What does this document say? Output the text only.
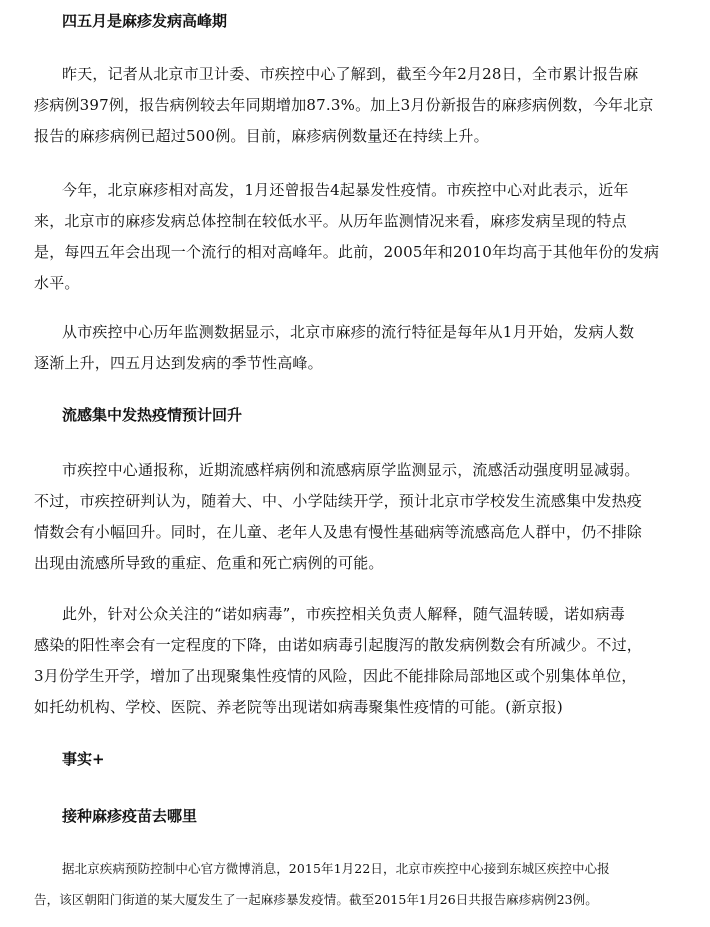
四五月是麻疹发病高峰期

昨天，记者从北京市卫计委、市疾控中心了解到，截至今年2月28日，全市累计报告麻
疹病例397例，报告病例较去年同期增加87.3%。加上3月份新报告的麻疹病例数，今年北京
报告的麻疹病例已超过500例。目前，麻疹病例数量还在持续上升。

今年，北京麻疹相对高发，1月还曾报告4起暴发性疫情。市疾控中心对此表示，近年
来，北京市的麻疹发病总体控制在较低水平。从历年监测情况来看，麻疹发病呈现的特点
是，每四五年会出现一个流行的相对高峰年。此前，2005年和2010年均高于其他年份的发病
水平。

从市疾控中心历年监测数据显示，北京市麻疹的流行特征是每年从1月开始，发病人数
逐渐上升，四五月达到发病的季节性高峰。

流感集中发热疫情预计回升

市疾控中心通报称，近期流感样病例和流感病原学监测显示，流感活动强度明显减弱。
不过，市疾控研判认为，随着大、中、小学陆续开学，预计北京市学校发生流感集中发热疫
情数会有小幅回升。同时，在儿童、老年人及患有慢性基础病等流感高危人群中，仍不排除
出现由流感所导致的重症、危重和死亡病例的可能。

此外，针对公众关注的“诺如病毒”，市疾控相关负责人解释，随气温转暖，诺如病毒
感染的阳性率会有一定程度的下降，由诺如病毒引起腹泻的散发病例数会有所减少。不过，
3月份学生开学，增加了出现聚集性疫情的风险，因此不能排除局部地区或个别集体单位，
如托幼机构、学校、医院、养老院等出现诺如病毒聚集性疫情的可能。(新京报)

事实+
接种麻疹疫苗去哪里

据北京疾病预防控制中心官方微博消息，2015年1月22日，北京市疾控中心接到东城区疾控中心报
告，该区朝阳门街道的某大厦发生了一起麻疹暴发疫情。截至2015年1月26日共报告麻疹病例23例。
